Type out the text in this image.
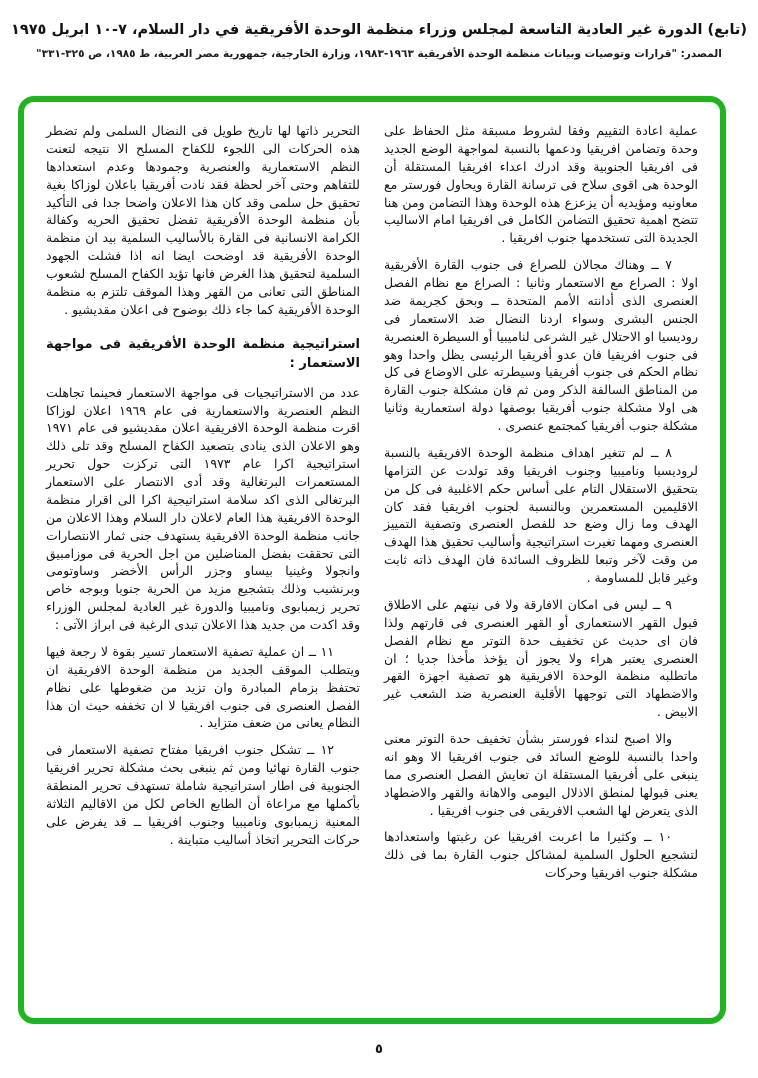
(تابع) الدورة غير العادية التاسعة لمجلس وزراء منظمة الوحدة الأفريقية في دار السلام، ٧-١٠ ابريل ١٩٧٥
المصدر: "قرارات وتوصيات وبيانات منظمة الوحدة الأفريقية ١٩٦٣-١٩٨٣، وزارة الخارجية، جمهورية مصر العربية، ط ١٩٨٥، ص ٣٢٥-٣٣١"

عملية اعادة التقييم وفقا لشروط مسبقة مثل الحفاظ على وحدة وتضامن افريقيا ودعمها بالنسبة لمواجهة الوضع الجديد فى افريقيا الجنوبية وقد ادرك اعداء افريقيا المستقلة أن الوحدة هى اقوى سلاح فى ترسانة القارة ويحاول فورستر مع معاونيه ومؤيديه أن يزعزع هذه الوحدة وهذا التضامن ومن هنا تتضح اهمية تحقيق التضامن الكامل فى افريقيا امام الاساليب الجديدة التى تستخدمها جنوب افريقيا .

٧ ــ وهناك مجالان للصراع فى جنوب القارة الأفريقية اولا : الصراع مع الاستعمار وثانيا : الصراع مع نظام الفصل العنصرى الذى أدانته الأمم المتحدة ــ وبحق كجريمة ضد الجنس البشرى وسواء اردنا النضال ضد الاستعمار فى روديسيا او الاحتلال غير الشرعى لناميبيا أو السيطرة العنصرية فى جنوب افريقيا فان عدو أفريقيا الرئيسى يظل واحدا وهو نظام الحكم فى جنوب أفريقيا وسيطرته على الاوضاع فى كل من المناطق السالفة الذكر ومن ثم فان مشكلة جنوب القارة هى اولا مشكلة جنوب أفريقيا بوصفها دولة استعمارية وثانيا مشكلة جنوب أفريقيا كمجتمع عنصرى .

٨ ــ لم تتغير اهداف منظمة الوحدة الافريقية بالنسبة لروديسيا وناميبيا وجنوب افريقيا وقد تولدت عن التزامها بتحقيق الاستقلال التام على أساس حكم الاغلبية فى كل من الاقليمين المستعمرين وبالنسبة لجنوب افريقيا فقد كان الهدف وما زال وضع حد للفصل العنصرى وتصفية التمييز العنصرى ومهما تغيرت استراتيجية وأساليب تحقيق هذا الهدف من وقت لآخر وتبعا للظروف السائدة فان الهدف ذاته ثابت وغير قابل للمساومة .

٩ ــ ليس فى امكان الافارقة ولا فى نيتهم على الاطلاق قبول القهر الاستعمارى أو القهر العنصرى فى قارتهم ولذا فان اى حديث عن تخفيف حدة التوتر مع نظام الفصل العنصرى يعتبر هراء ولا يجوز أن يؤخذ مأخذا جديا ؛ ان ماتطلبه منظمة الوحدة الافريقية هو تصفية اجهزة القهر والاضطهاد التى توجهها الأقلية العنصرية ضد الشعب غير الابيض .

والا اصبح لنداء فورستر بشأن تخفيف حدة التوتر معنى واحدا بالنسبة للوضع السائد فى جنوب افريقيا الا وهو انه ينبغى على أفريقيا المستقلة ان تعايش الفصل العنصرى مما يعنى قبولها لمنطق الاذلال اليومى والاهانة والقهر والاضطهاد الذى يتعرض لها الشعب الافريقى فى جنوب افريقيا .

١٠ ــ وكثيرا ما اعربت افريقيا عن رغبتها واستعدادها لتشجيع الحلول السلمية لمشاكل جنوب القارة بما فى ذلك مشكلة جنوب افريقيا وحركات

التحرير ذاتها لها تاريخ طويل فى النضال السلمى ولم تضطر هذه الحركات الى اللجوء للكفاح المسلح الا نتيجه لتعنت النظم الاستعمارية والعنصرية وجمودها وعدم استعدادها للتفاهم وحتى آخر لحظة فقد نادت أفريقيا باعلان لوزاكا بغية تحقيق حل سلمى وقد كان هذا الاعلان واضحا جدا فى التأكيد بأن منظمة الوحدة الأفريقية تفضل تحقيق الحريه وكفالة الكرامة الانسانية فى القارة بالأساليب السلمية بيد ان منظمة الوحدة الأفريقية قد اوضحت ايضا انه اذا فشلت الجهود السلمية لتحقيق هذا الغرض فانها تؤيد الكفاح المسلح لشعوب المناطق التى تعانى من القهر وهذا الموقف تلتزم به منظمة الوحدة الأفريقية كما جاء ذلك بوضوح فى اعلان مقديشيو .

استراتيجية منظمة الوحدة الأفريقية فى مواجهة الاستعمار :

عدد من الاستراتيجيات فى مواجهة الاستعمار فحينما تجاهلت النظم العنصرية والاستعمارية فى عام ١٩٦٩ اعلان لوزاكا اقرت منظمة الوحدة الافريقية اعلان مقديشيو فى عام ١٩٧١ وهو الاعلان الذى ينادى بتصعيد الكفاح المسلح وقد تلى ذلك استراتيجية اكرا عام ١٩٧٣ التى تركزت حول تحرير المستعمرات البرتغالية وقد أدى الانتصار على الاستعمار البرتغالى الذى اكد سلامة استراتيجية اكرا الى اقرار منظمة الوحدة الافريقية هذا العام لاعلان دار السلام وهذا الاعلان من جانب منظمة الوحدة الافريقية يستهدف جنى ثمار الانتصارات التى تحققت بفضل المناضلين من اجل الحرية فى موزامبيق وانجولا وغينيا بيساو وجزر الرأس الأخضر وساوتومى وبرنشيب وذلك بتشجيع مزيد من الحرية جنوبا وبوجه خاص تحرير زيمبابوى وناميبيا والدورة غير العادية لمجلس الوزراء وقد اكدت من جديد هذا الاعلان تبدى الرغبة فى ابراز الآتى :

١١ ــ ان عملية تصفية الاستعمار تسير بقوة لا رجعة فيها ويتطلب الموقف الجديد من منظمة الوحدة الافريقية ان تحتفظ بزمام المبادرة وان تزيد من ضغوطها على نظام الفصل العنصرى فى جنوب افريقيا لا ان تخففه حيث ان هذا النظام يعانى من ضعف متزايد .

١٢ ــ تشكل جنوب افريقيا مفتاح تصفية الاستعمار فى جنوب القارة نهائيا ومن ثم ينبغى بحث مشكلة تحرير افريقيا الجنوبية فى اطار استراتيجية شاملة تستهدف تحرير المنطقة بأكملها مع مراعاة أن الطابع الخاص لكل من الاقاليم الثلاثة المعنية زيمبابوى وناميبيا وجنوب افريقيا ــ قد يفرض على حركات التحرير اتخاذ أساليب متباينة .

٥
